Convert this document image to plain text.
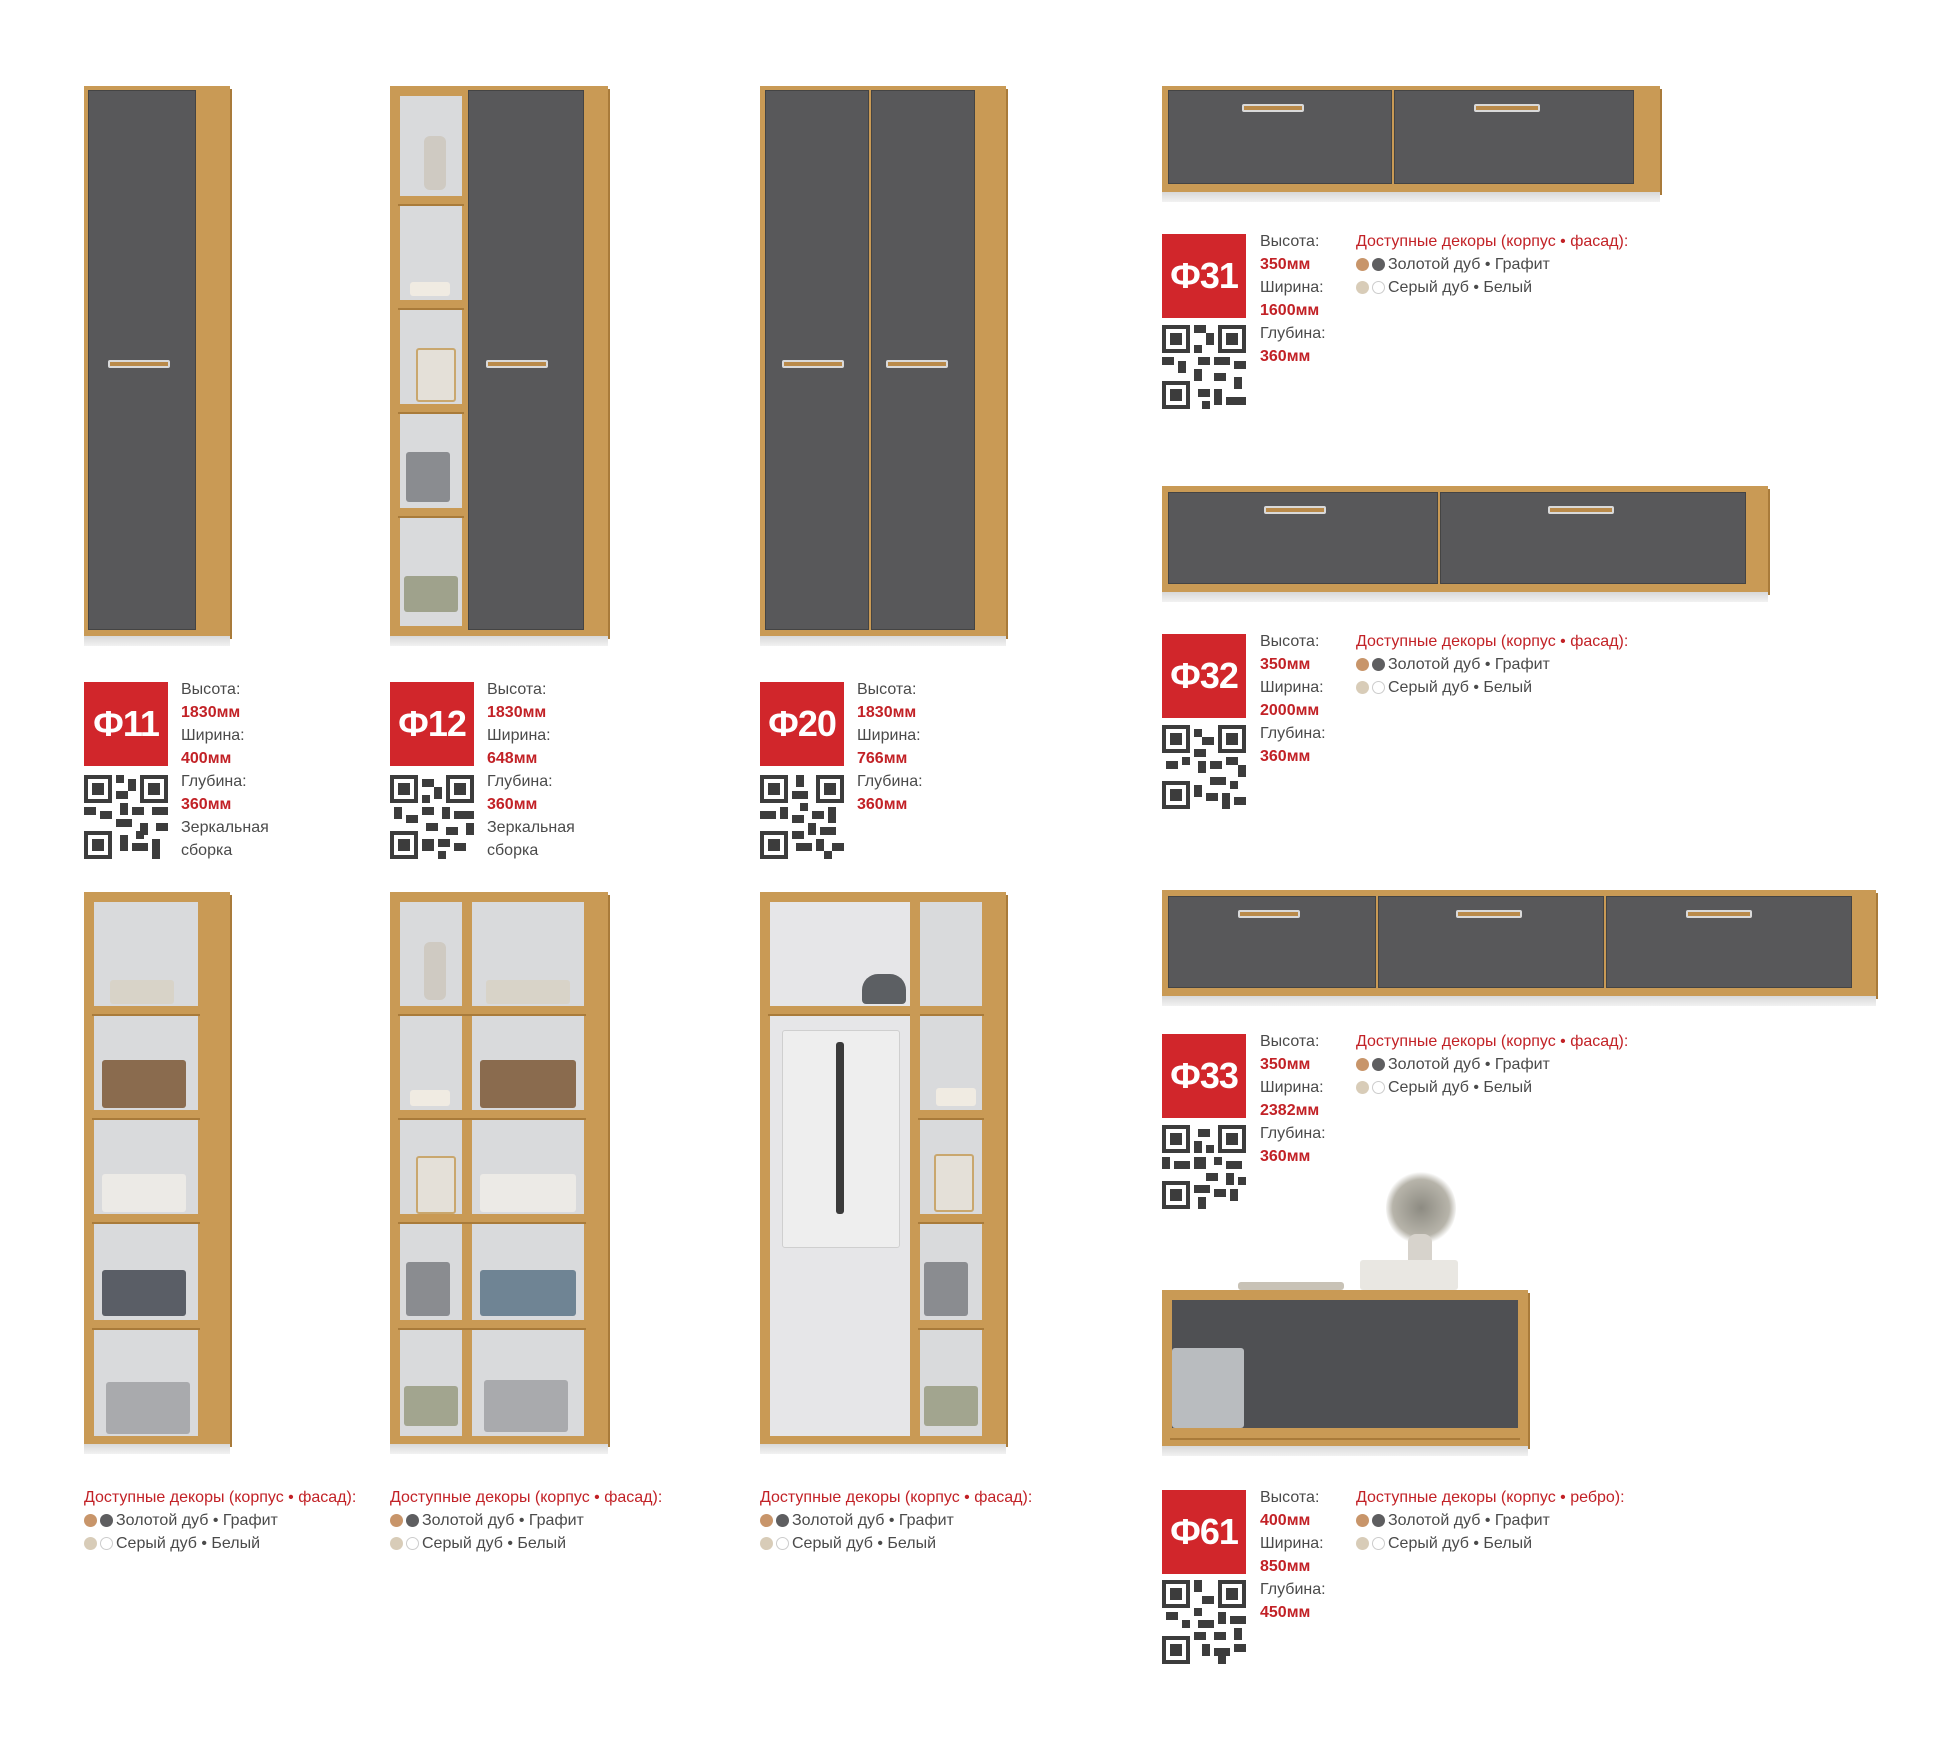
Ф11
Высота:
1830мм
Ширина:
400мм
Глубина:
360мм
Зеркальная
сборка
Ф12
Высота:
1830мм
Ширина:
648мм
Глубина:
360мм
Зеркальная
сборка
Ф20
Высота:
1830мм
Ширина:
766мм
Глубина:
360мм
Ф31
Высота:
350мм
Ширина:
1600мм
Глубина:
360мм
Доступные декоры (корпус • фасад):
Золотой дуб • Графит
Серый дуб • Белый
Ф32
Высота:
350мм
Ширина:
2000мм
Глубина:
360мм
Доступные декоры (корпус • фасад):
Золотой дуб • Графит
Серый дуб • Белый
Ф33
Высота:
350мм
Ширина:
2382мм
Глубина:
360мм
Доступные декоры (корпус • фасад):
Золотой дуб • Графит
Серый дуб • Белый
Ф61
Высота:
400мм
Ширина:
850мм
Глубина:
450мм
Доступные декоры (корпус • ребро):
Золотой дуб • Графит
Серый дуб • Белый
Доступные декоры (корпус • фасад):
Золотой дуб • Графит
Серый дуб • Белый
Доступные декоры (корпус • фасад):
Золотой дуб • Графит
Серый дуб • Белый
Доступные декоры (корпус • фасад):
Золотой дуб • Графит
Серый дуб • Белый
